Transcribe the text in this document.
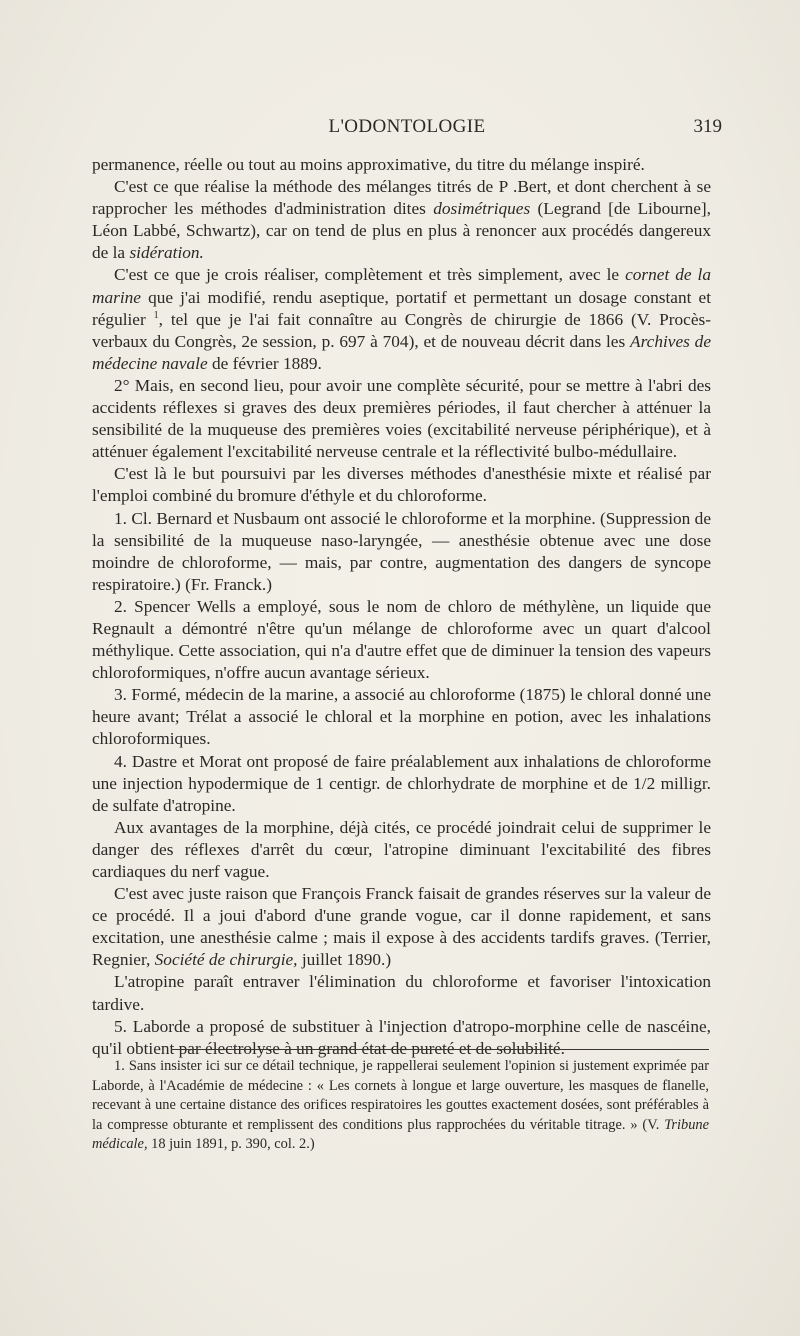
L'ODONTOLOGIE	319

permanence, réelle ou tout au moins approximative, du titre du mélange inspiré.

C'est ce que réalise la méthode des mélanges titrés de P .Bert, et dont cherchent à se rapprocher les méthodes d'administration dites dosimétriques (Legrand [de Libourne], Léon Labbé, Schwartz), car on tend de plus en plus à renoncer aux procédés dangereux de la sidération.

C'est ce que je crois réaliser, complètement et très simplement, avec le cornet de la marine que j'ai modifié, rendu aseptique, portatif et permettant un dosage constant et régulier $^1$, tel que je l'ai fait connaître au Congrès de chirurgie de 1866 (V. Procès-verbaux du Congrès, 2e session, p. 697 à 704), et de nouveau décrit dans les Archives de médecine navale de février 1889.

2° Mais, en second lieu, pour avoir une complète sécurité, pour se mettre à l'abri des accidents réflexes si graves des deux premières périodes, il faut chercher à atténuer la sensibilité de la muqueuse des premières voies (excitabilité nerveuse périphérique), et à atténuer également l'excitabilité nerveuse centrale et la réflectivité bulbo-médullaire.

C'est là le but poursuivi par les diverses méthodes d'anesthésie mixte et réalisé par l'emploi combiné du bromure d'éthyle et du chloroforme.

1. Cl. Bernard et Nusbaum ont associé le chloroforme et la morphine. (Suppression de la sensibilité de la muqueuse naso-laryngée, — anesthésie obtenue avec une dose moindre de chloroforme, — mais, par contre, augmentation des dangers de syncope respiratoire.) (Fr. Franck.)

2. Spencer Wells a employé, sous le nom de chloro de méthylène, un liquide que Regnault a démontré n'être qu'un mélange de chloroforme avec un quart d'alcool méthylique. Cette association, qui n'a d'autre effet que de diminuer la tension des vapeurs chloroformiques, n'offre aucun avantage sérieux.

3. Formé, médecin de la marine, a associé au chloroforme (1875) le chloral donné une heure avant; Trélat a associé le chloral et la morphine en potion, avec les inhalations chloroformiques.

4. Dastre et Morat ont proposé de faire préalablement aux inhalations de chloroforme une injection hypodermique de 1 centigr. de chlorhydrate de morphine et de 1/2 milligr. de sulfate d'atropine.

Aux avantages de la morphine, déjà cités, ce procédé joindrait celui de supprimer le danger des réflexes d'arrêt du cœur, l'atropine diminuant l'excitabilité des fibres cardiaques du nerf vague.

C'est avec juste raison que François Franck faisait de grandes réserves sur la valeur de ce procédé. Il a joui d'abord d'une grande vogue, car il donne rapidement, et sans excitation, une anesthésie calme ; mais il expose à des accidents tardifs graves. (Terrier, Regnier, Société de chirurgie, juillet 1890.)

L'atropine paraît entraver l'élimination du chloroforme et favoriser l'intoxication tardive.

5. Laborde a proposé de substituer à l'injection d'atropo-morphine celle de nascéine, qu'il obtient par électrolyse à un grand état de pureté et de solubilité.

1. Sans insister ici sur ce détail technique, je rappellerai seulement l'opinion si justement exprimée par Laborde, à l'Académie de médecine : « Les cornets à longue et large ouverture, les masques de flanelle, recevant à une certaine distance des orifices respiratoires les gouttes exactement dosées, sont préférables à la compresse obturante et remplissent des conditions plus rapprochées du véritable titrage. » (V. Tribune médicale, 18 juin 1891, p. 390, col. 2.)
